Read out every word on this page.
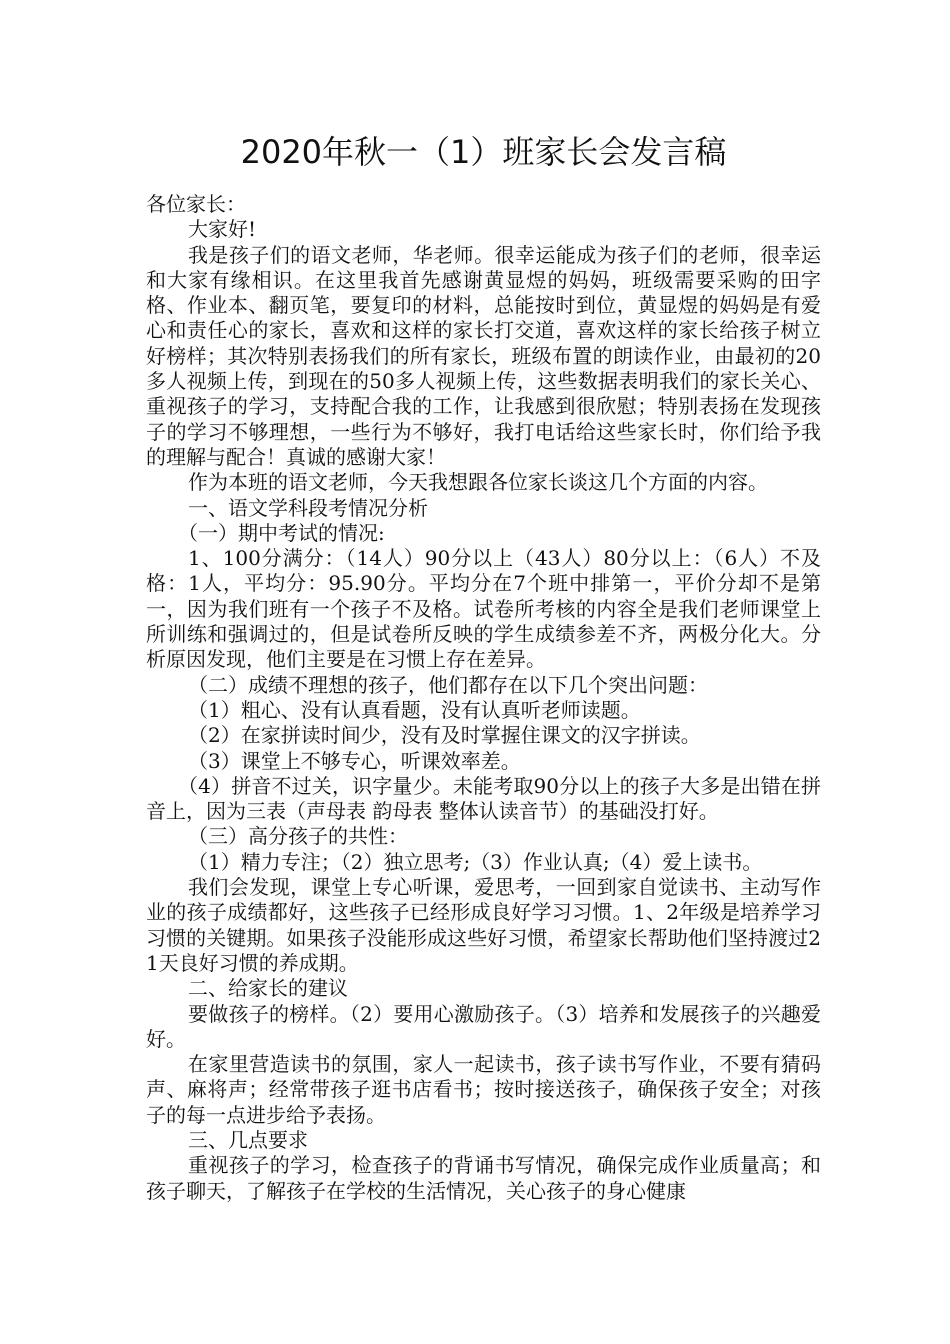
2020年秋一（1）班家长会发言稿

各位家长：

大家好!

我是孩子们的语文老师，华老师。很幸运能成为孩子们的老师，很幸运和大家有缘相识。在这里我首先感谢黄显煜的妈妈，班级需要采购的田字格、作业本、翻页笔，要复印的材料，总能按时到位，黄显煜的妈妈是有爱心和责任心的家长，喜欢和这样的家长打交道，喜欢这样的家长给孩子树立好榜样；其次特别表扬我们的所有家长，班级布置的朗读作业，由最初的20多人视频上传，到现在的50多人视频上传，这些数据表明我们的家长关心、重视孩子的学习，支持配合我的工作，让我感到很欣慰；特别表扬在发现孩子的学习不够理想，一些行为不够好，我打电话给这些家长时，你们给予我的理解与配合！真诚的感谢大家！

作为本班的语文老师，今天我想跟各位家长谈这几个方面的内容。

一、语文学科段考情况分析

（一）期中考试的情况:

1、100分满分：（14人）90分以上（43人）80分以上：（6人）不及格：1人，平均分：95.90分。平均分在7个班中排第一，平价分却不是第一，因为我们班有一个孩子不及格。试卷所考核的内容全是我们老师课堂上所训练和强调过的，但是试卷所反映的学生成绩参差不齐，两极分化大。分析原因发现，他们主要是在习惯上存在差异。

（二）成绩不理想的孩子，他们都存在以下几个突出问题：

（1）粗心、没有认真看题，没有认真听老师读题。

（2）在家拼读时间少，没有及时掌握住课文的汉字拼读。

（3）课堂上不够专心，听课效率差。

（4）拼音不过关，识字量少。未能考取90分以上的孩子大多是出错在拼音上，因为三表（声母表 韵母表 整体认读音节）的基础没打好。

（三）高分孩子的共性：

（1）精力专注；（2）独立思考;（3）作业认真;（4）爱上读书。

我们会发现，课堂上专心听课，爱思考，一回到家自觉读书、主动写作业的孩子成绩都好，这些孩子已经形成良好学习习惯。1、2年级是培养学习习惯的关键期。如果孩子没能形成这些好习惯，希望家长帮助他们坚持渡过21天良好习惯的养成期。

二、给家长的建议

要做孩子的榜样。（2）要用心激励孩子。（3）培养和发展孩子的兴趣爱好。

在家里营造读书的氛围，家人一起读书，孩子读书写作业，不要有猜码声、麻将声；经常带孩子逛书店看书；按时接送孩子，确保孩子安全；对孩子的每一点进步给予表扬。

三、几点要求

重视孩子的学习，检查孩子的背诵书写情况，确保完成作业质量高；和孩子聊天，了解孩子在学校的生活情况，关心孩子的身心健康
